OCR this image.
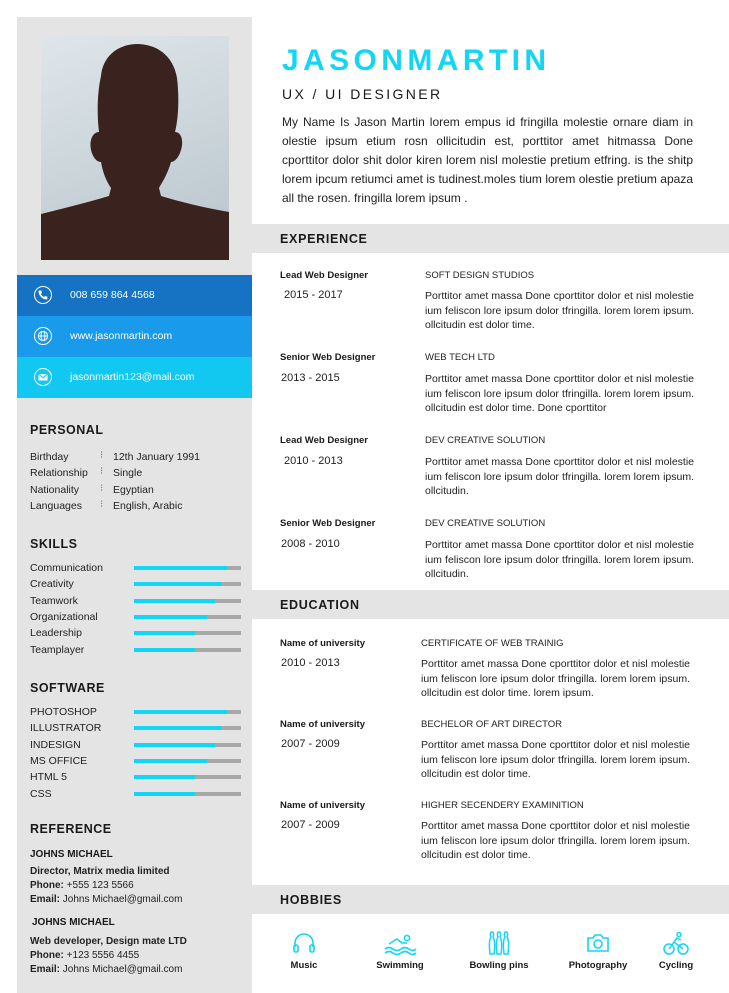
008 659 864 4568
www.jasonmartin.com
jasonmartin123@mail.com
PERSONAL
Birthday	⁝ 12th January 1991
Relationship ⁝ Single
Nationality ⁝ Egyptian
Languages ⁝ English, Arabic
SKILLS
Communication
Creativity
Teamwork
Organizational
Leadership
Teamplayer
SOFTWARE
PHOTOSHOP
ILLUSTRATOR
INDESIGN
MS OFFICE
HTML 5
CSS
REFERENCE
JOHNS MICHAEL
Director, Matrix media limited
Phone: +555 123 5566
Email: Johns Michael@gmail.com
JOHNS MICHAEL
Web developer, Design mate LTD
Phone: +123 5556 4455
Email: Johns Michael@gmail.com
JASONMARTIN
UX / UI DESIGNER
My Name Is Jason Martin lorem empus id fringilla molestie ornare diam in olestie ipsum etium rosn ollicitudin est, porttitor amet hitmassa Done cporttitor dolor shit dolor kiren lorem nisl molestie pretium etfring. is the shitp lorem ipcum retiumci amet is tudinest.moles tium lorem olestie pretium apaza all the rosen. fringilla lorem ipsum .
EXPERIENCE
Lead Web Designer	SOFT DESIGN STUDIOS
2015 - 2017	Porttitor amet massa Done cporttitor dolor et nisl molestie ium feliscon lore ipsum dolor tfringilla. lorem lorem ipsum. ollcitudin est dolor time.
Senior Web Designer	WEB TECH LTD
2013 - 2015	Porttitor amet massa Done cporttitor dolor et nisl molestie ium feliscon lore ipsum dolor tfringilla. lorem lorem ipsum. ollcitudin est dolor time. Done cporttitor
Lead Web Designer	DEV CREATIVE SOLUTION
2010 - 2013	Porttitor amet massa Done cporttitor dolor et nisl molestie ium feliscon lore ipsum dolor tfringilla. lorem lorem ipsum. ollcitudin.
Senior Web Designer	DEV CREATIVE SOLUTION
2008 - 2010	Porttitor amet massa Done cporttitor dolor et nisl molestie ium feliscon lore ipsum dolor tfringilla. lorem lorem ipsum. ollcitudin.
EDUCATION
Name of university	CERTIFICATE OF WEB TRAINIG
2010 - 2013	Porttitor amet massa Done cporttitor dolor et nisl molestie ium feliscon lore ipsum dolor tfringilla. lorem lorem ipsum. ollcitudin est dolor time. lorem ipsum.
Name of university	BECHELOR OF ART DIRECTOR
2007 - 2009	Porttitor amet massa Done cporttitor dolor et nisl molestie ium feliscon lore ipsum dolor tfringilla. lorem lorem ipsum. ollcitudin est dolor time.
Name of university	HIGHER SECENDERY EXAMINITION
2007 - 2009	Porttitor amet massa Done cporttitor dolor et nisl molestie ium feliscon lore ipsum dolor tfringilla. lorem lorem ipsum. ollcitudin est dolor time.
HOBBIES
Music	Swimming	Bowling pins	Photography	Cycling
